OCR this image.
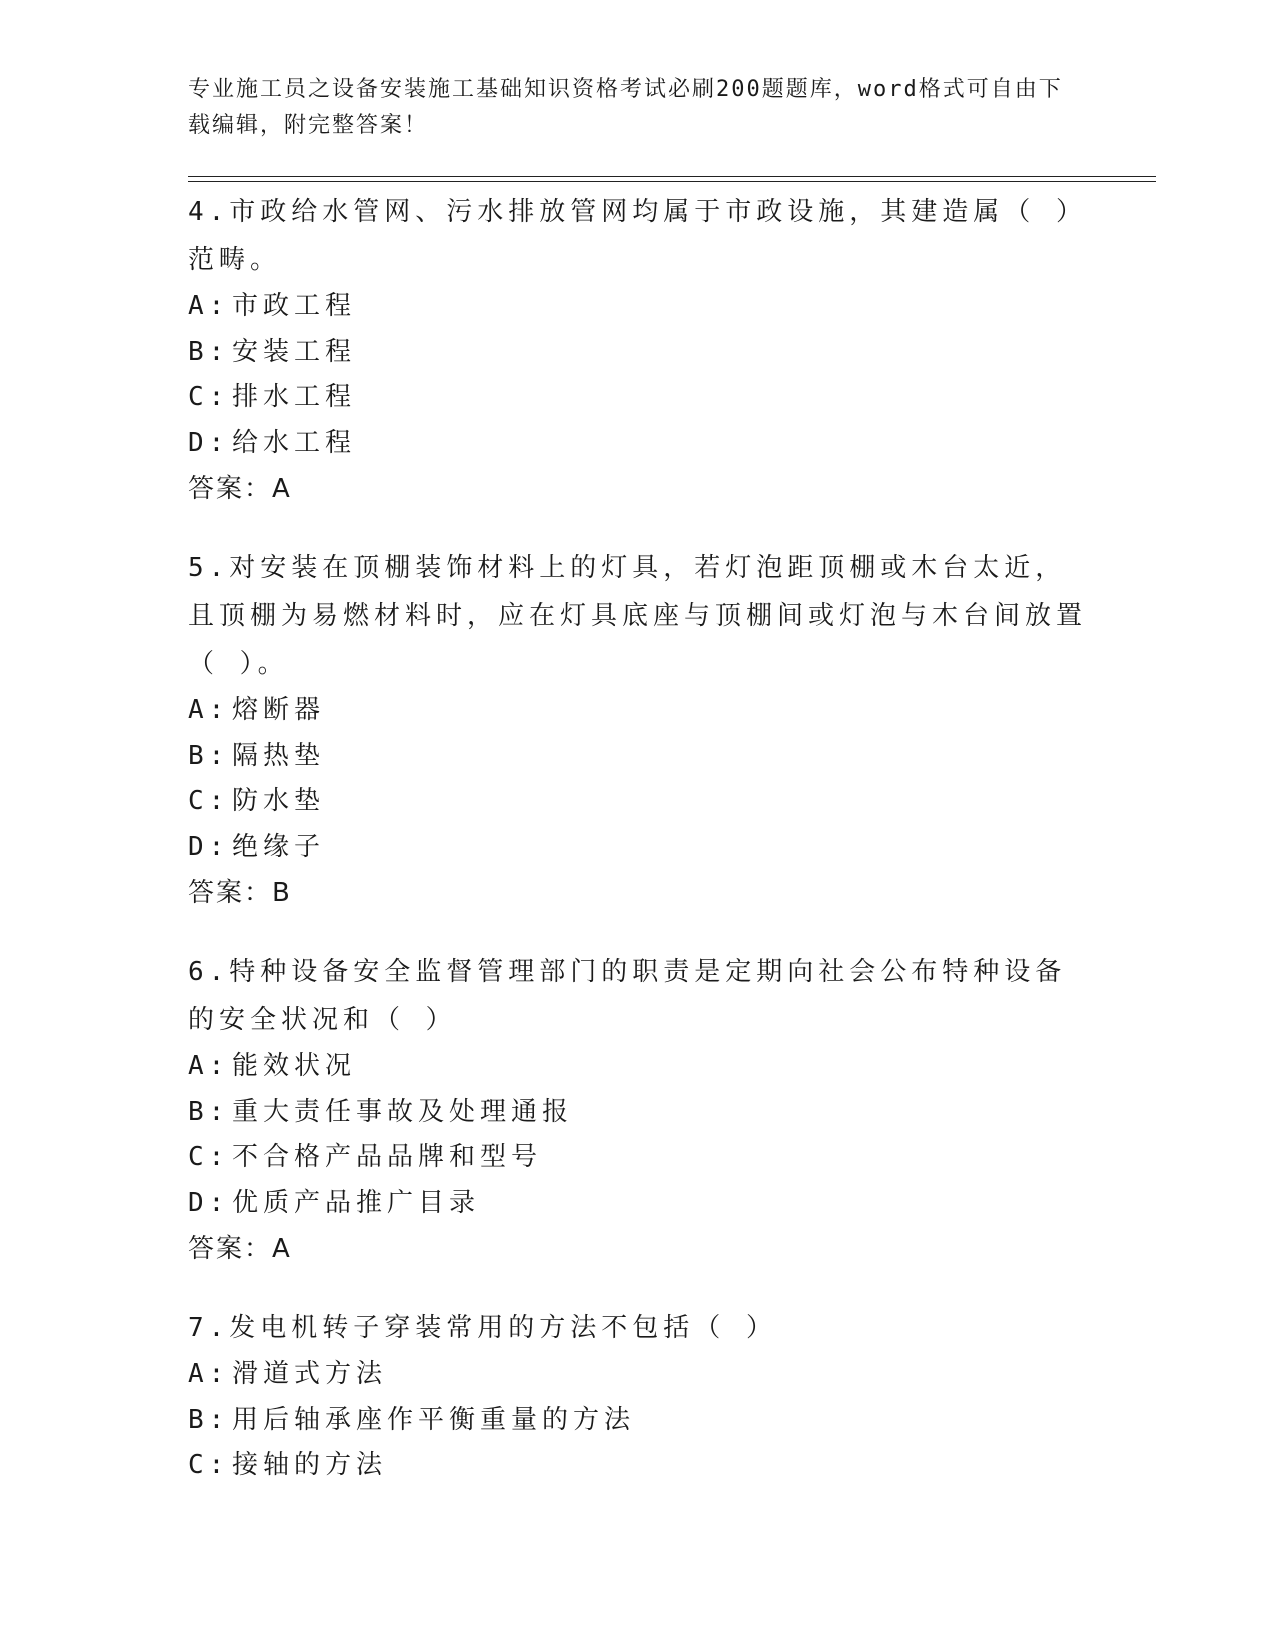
专业施工员之设备安装施工基础知识资格考试必刷200题题库，word格式可自由下载编辑，附完整答案！
4.市政给水管网、污水排放管网均属于市政设施，其建造属（ ）范畴。
A: 市政工程
B: 安装工程
C: 排水工程
D: 给水工程
答案：A
5.对安装在顶棚装饰材料上的灯具，若灯泡距顶棚或木台太近，且顶棚为易燃材料时，应在灯具底座与顶棚间或灯泡与木台间放置（ ）。
A: 熔断器
B: 隔热垫
C: 防水垫
D: 绝缘子
答案：B
6.特种设备安全监督管理部门的职责是定期向社会公布特种设备的安全状况和（ ）
A: 能效状况
B: 重大责任事故及处理通报
C: 不合格产品品牌和型号
D: 优质产品推广目录
答案：A
7.发电机转子穿装常用的方法不包括（ ）
A: 滑道式方法
B: 用后轴承座作平衡重量的方法
C: 接轴的方法
